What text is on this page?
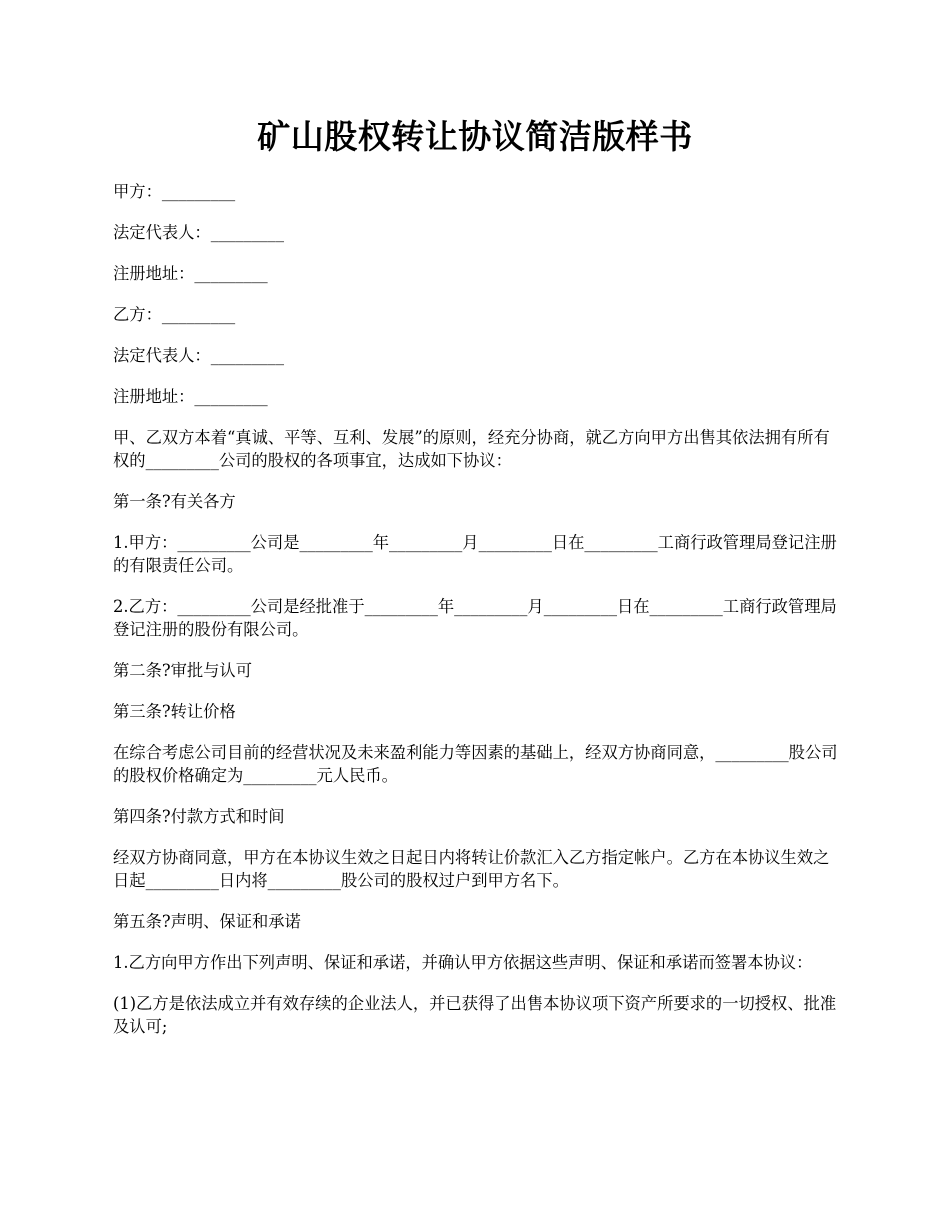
矿山股权转让协议简洁版样书

甲方：_________

法定代表人：_________

注册地址：_________

乙方：_________

法定代表人：_________

注册地址：_________

甲、乙双方本着“真诚、平等、互利、发展”的原则，经充分协商，就乙方向甲方出售其依法拥有所有权的_________公司的股权的各项事宜，达成如下协议：

第一条?有关各方

1.甲方：_________公司是_________年_________月_________日在_________工商行政管理局登记注册的有限责任公司。

2.乙方：_________公司是经批准于_________年_________月_________日在_________工商行政管理局登记注册的股份有限公司。

第二条?审批与认可

第三条?转让价格

在综合考虑公司目前的经营状况及未来盈利能力等因素的基础上，经双方协商同意，_________股公司的股权价格确定为_________元人民币。

第四条?付款方式和时间

经双方协商同意，甲方在本协议生效之日起日内将转让价款汇入乙方指定帐户。乙方在本协议生效之日起_________日内将_________股公司的股权过户到甲方名下。

第五条?声明、保证和承诺

1.乙方向甲方作出下列声明、保证和承诺，并确认甲方依据这些声明、保证和承诺而签署本协议：

(1)乙方是依法成立并有效存续的企业法人，并已获得了出售本协议项下资产所要求的一切授权、批准及认可;
